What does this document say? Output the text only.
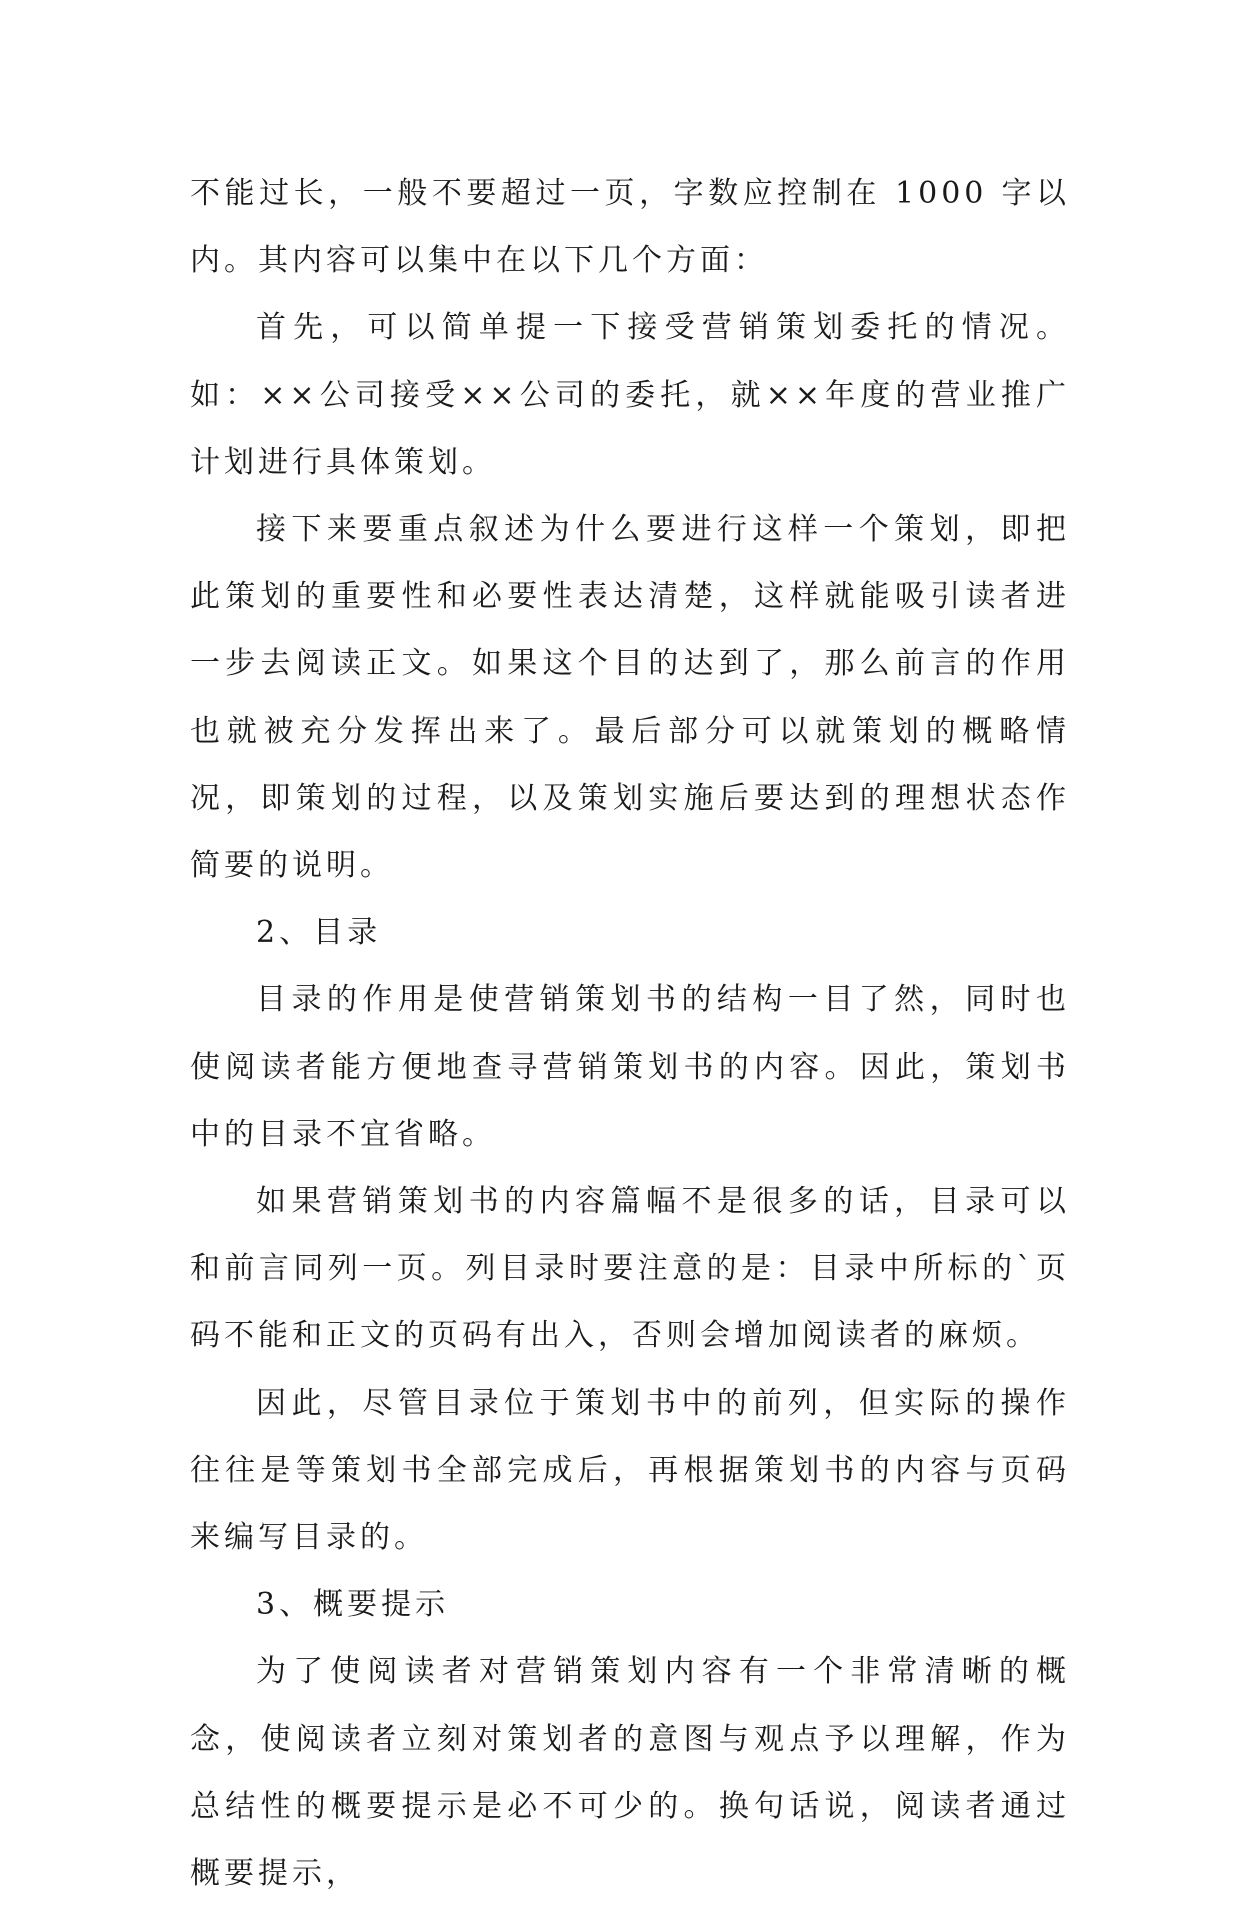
不能过长，一般不要超过一页，字数应控制在 1000 字以内。其内容可以集中在以下几个方面：

首先，可以简单提一下接受营销策划委托的情况。如：××公司接受××公司的委托，就××年度的营业推广计划进行具体策划。

接下来要重点叙述为什么要进行这样一个策划，即把此策划的重要性和必要性表达清楚，这样就能吸引读者进一步去阅读正文。如果这个目的达到了，那么前言的作用也就被充分发挥出来了。最后部分可以就策划的概略情况，即策划的过程，以及策划实施后要达到的理想状态作简要的说明。

2、目录

目录的作用是使营销策划书的结构一目了然，同时也使阅读者能方便地查寻营销策划书的内容。因此，策划书中的目录不宜省略。

如果营销策划书的内容篇幅不是很多的话，目录可以和前言同列一页。列目录时要注意的是：目录中所标的`页码不能和正文的页码有出入，否则会增加阅读者的麻烦。

因此，尽管目录位于策划书中的前列，但实际的操作往往是等策划书全部完成后，再根据策划书的内容与页码来编写目录的。

3、概要提示

为了使阅读者对营销策划内容有一个非常清晰的概念，使阅读者立刻对策划者的意图与观点予以理解，作为总结性的概要提示是必不可少的。换句话说，阅读者通过概要提示，
